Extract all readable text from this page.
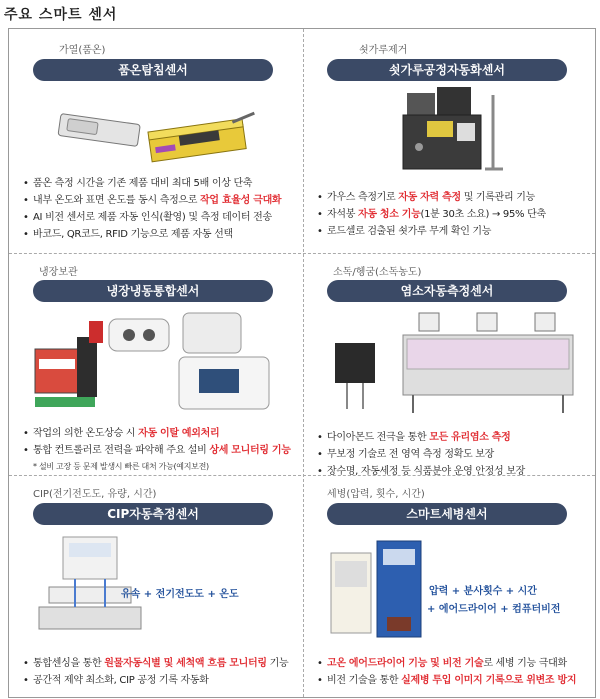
주요 스마트 센서
가열(품온)
품온탐침센서
• 품온 측정 시간을 기존 제품 대비 최대 5배 이상 단축
• 내부 온도와 표면 온도를 동시 측정으로 작업 효율성 극대화
• AI 비전 센서로 제품 자동 인식(촬영) 및 측정 데이터 전송
• 바코드, QR코드, RFID 기능으로 제품 자동 선택
쇳가루제거
쇳가루공정자동화센서
• 가우스 측정기로 자동 자력 측정 및 기록관리 기능
• 자석봉 자동 청소 기능(1분 30초 소요) → 95% 단축
• 로드셀로 검출된 쇳가루 무게 확인 기능
냉장보관
냉장냉동통합센서
• 작업의 의한 온도상승 시 자동 이탈 예외처리
• 통합 컨트롤러로 전력을 파악해 주요 설비 상세 모니터링 기능
* 설비 고장 등 문제 발생시 빠른 대처 가능(예지보전)
소독/헹굼(소독농도)
염소자동측정센서
• 다이아몬드 전극을 통한 모든 유리염소 측정
• 무보정 기술로 전 영역 측정 정확도 보장
• 장수명, 자동세정 등 식품분야 운영 안정성 보장
CIP(전기전도도, 유량, 시간)
CIP자동측정센서
유속 + 전기전도도 + 온도
• 통합센싱을 통한 원물자동식별 및 세척액 흐름 모니터링 기능
• 공간적 제약 최소화, CIP 공정 기록 자동화
세병(압력, 횟수, 시간)
스마트세병센서
압력 + 분사횟수 + 시간
+ 에어드라이어 + 컴퓨터비전
• 고온 에어드라이어 기능 및 비전 기술로 세병 기능 극대화
• 비전 기술을 통한 실제병 투입 이미지 기록으로 위변조 방지
